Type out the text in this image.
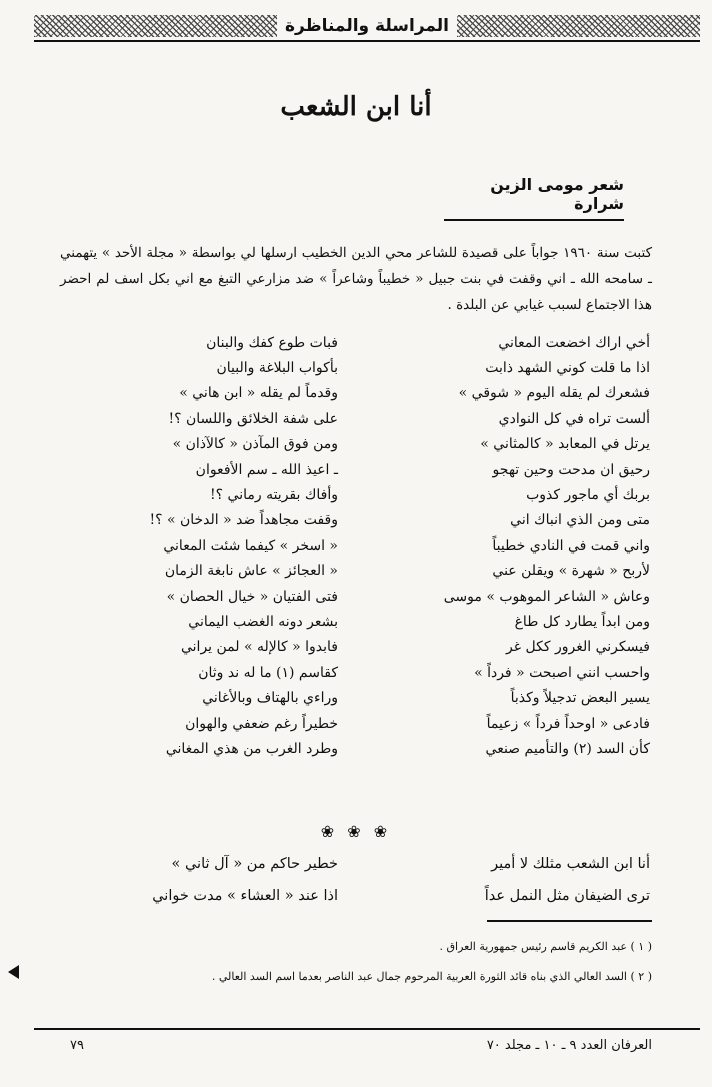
المراسلة والمناظرة
أنا ابن الشعب
شعر مومى الزين شرارة
كتبت سنة ١٩٦٠ جواباً على قصيدة للشاعر محي الدين الخطيب ارسلها لي بواسطة « مجلة الأحد » يتهمني ـ سامحه الله ـ اني وقفت في بنت جبيل « خطيباً وشاعراً » ضد مزارعي التبغ مع اني بكل اسف لم احضر هذا الاجتماع لسبب غيابي عن البلدة .
أخي اراك اخضعت المعاني
فبات طوع كفك والبنان
اذا ما قلت كوني الشهد ذابت
بأكواب البلاغة والبيان
فشعرك لم يقله اليوم « شوقي »
وقدماً لم يقله « ابن هاني »
ألست تراه في كل النوادي
على شفة الخلائق واللسان ؟!
يرتل في المعابد « كالمثاني »
ومن فوق المآذن « كالآذان »
رحيق ان مدحت وحين تهجو
ـ اعيذ الله ـ سم الأفعوان
بربك أي ماجور كذوب
وأفاك بقريته رماني ؟!
متى ومن الذي انباك اني
وقفت مجاهداً ضد « الدخان » ؟!
واني قمت في النادي خطيباً
« اسخر » كيفما شئت المعاني
لأربح « شهرة » ويقلن عني
« العجائز » عاش نابغة الزمان
وعاش « الشاعر الموهوب » موسى
فتى الفتيان « خيال الحصان »
ومن ابداً يطارد كل طاغ
بشعر دونه الغضب اليماني
فيسكرني الغرور ككل غر
فابدوا « كالإله » لمن يراني
واحسب انني اصبحت « فرداً »
كقاسم (١) ما له ند وثان
يسير البعض تدجيلاً وكذباً
وراءي بالهتاف وبالأغاني
فادعى « اوحداً فرداً » زعيماً
خطيراً رغم ضعفي والهوان
كأن السد (٢) والتأميم صنعي
وطرد الغرب من هذي المغاني
❀ ❀ ❀
أنا ابن الشعب مثلك لا أمير
خطير حاكم من « آل ثاني »
ترى الضيفان مثل النمل عداً
اذا عند « العشاء » مدت خواني
( ١ ) عبد الكريم قاسم رئيس جمهورية العراق .
( ٢ ) السد العالي الذي بناه قائد الثورة العربية المرحوم جمال عبد الناصر بعدما اسم السد العالي .
العرفان العدد ٩ ـ ١٠ ـ مجلد ٧٠
٧٩
